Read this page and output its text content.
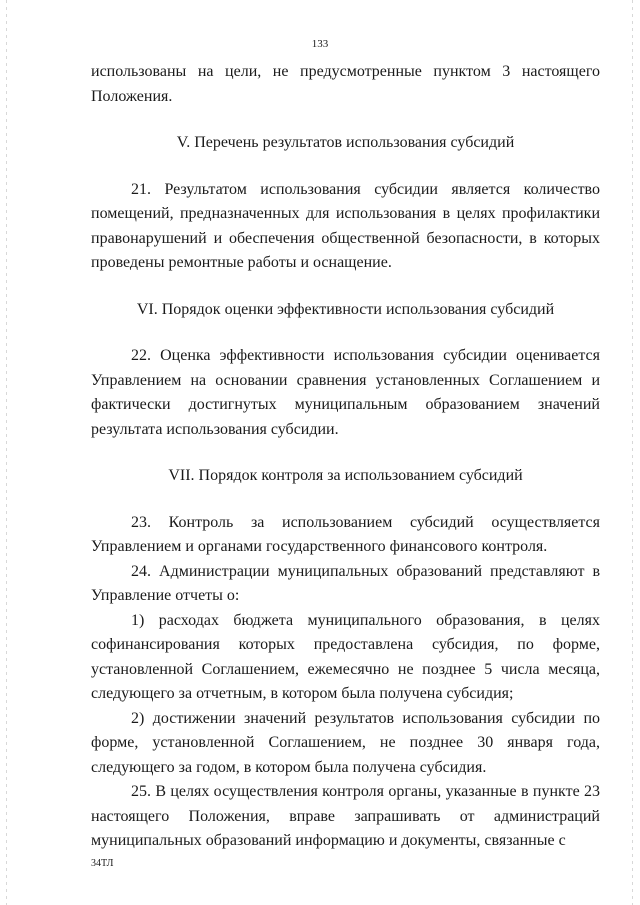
133

использованы на цели, не предусмотренные пунктом 3 настоящего Положения.

V. Перечень результатов использования субсидий

21. Результатом использования субсидии является количество помещений, предназначенных для использования в целях профилактики правонарушений и обеспечения общественной безопасности, в которых проведены ремонтные работы и оснащение.

VI. Порядок оценки эффективности использования субсидий

22. Оценка эффективности использования субсидии оценивается Управлением на основании сравнения установленных Соглашением и фактически достигнутых муниципальным образованием значений результата использования субсидии.

VII. Порядок контроля за использованием субсидий

23. Контроль за использованием субсидий осуществляется Управлением и органами государственного финансового контроля.

24. Администрации муниципальных образований представляют в Управление отчеты о:

1) расходах бюджета муниципального образования, в целях софинансирования которых предоставлена субсидия, по форме, установленной Соглашением, ежемесячно не позднее 5 числа месяца, следующего за отчетным, в котором была получена субсидия;

2) достижении значений результатов использования субсидии по форме, установленной Соглашением, не позднее 30 января года, следующего за годом, в котором была получена субсидия.

25. В целях осуществления контроля органы, указанные в пункте 23 настоящего Положения, вправе запрашивать от администраций муниципальных образований информацию и документы, связанные с

34ТЛ
